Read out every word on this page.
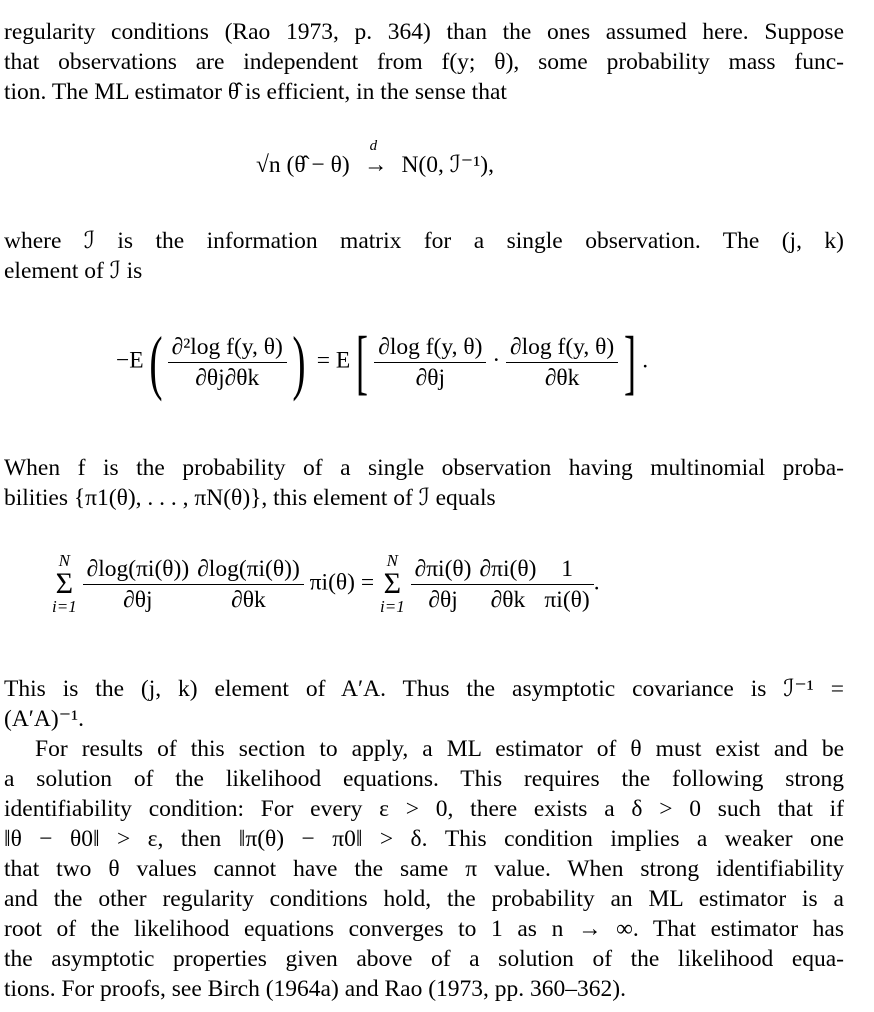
regularity conditions (Rao 1973, p. 364) than the ones assumed here. Suppose
that observations are independent from f(y; θ), some probability mass func-
tion. The ML estimator θ̂ is efficient, in the sense that
√n (θ̂ − θ)
d
→ N(0, ℐ⁻¹),
where ℐ is the information matrix for a single observation. The (j, k)
element of ℐ is
$-E( \frac{\text{∂²log f(y, θ)}}{\partial\theta j\partial\theta k}$ ) = $E[ \frac{\text{∂log f(y, θ)}}{\partial\theta j} \cdot \frac{\text{∂log f(y, θ)}}{\partial\theta k}$ ] .
When f is the probability of a single observation having multinomial proba-
bilities {π1(θ), . . . , πN(θ)}, this element of ℐ equals
N
Σ
$i=1 \frac{\partial\log(\pi i(\theta))}{\partial\theta j} \frac{\partial\log(\pi i(\theta))}{\partial\theta k} \pi i(\theta) = N$
Σ
$i=1 \frac{\partial\pi i(\theta)}{\partial\theta j} \frac{\partial\pi i(\theta)}{\partial\theta k} \frac{1}{\pi i(\theta)}$ .
This is the (j, k) element of A′A. Thus the asymptotic covariance is ℐ⁻¹ =
(A′A)⁻¹.
For results of this section to apply, a ML estimator of θ must exist and be
a solution of the likelihood equations. This requires the following strong
identifiability condition: For every ε > 0, there exists a δ > 0 such that if
‖θ − θ0‖ > ε, then ‖π(θ) − π0‖ > δ. This condition implies a weaker one
that two θ values cannot have the same π value. When strong identifiability
and the other regularity conditions hold, the probability an ML estimator is a
root of the likelihood equations converges to 1 as n → ∞. That estimator has
the asymptotic properties given above of a solution of the likelihood equa-
tions. For proofs, see Birch (1964a) and Rao (1973, pp. 360–362).
